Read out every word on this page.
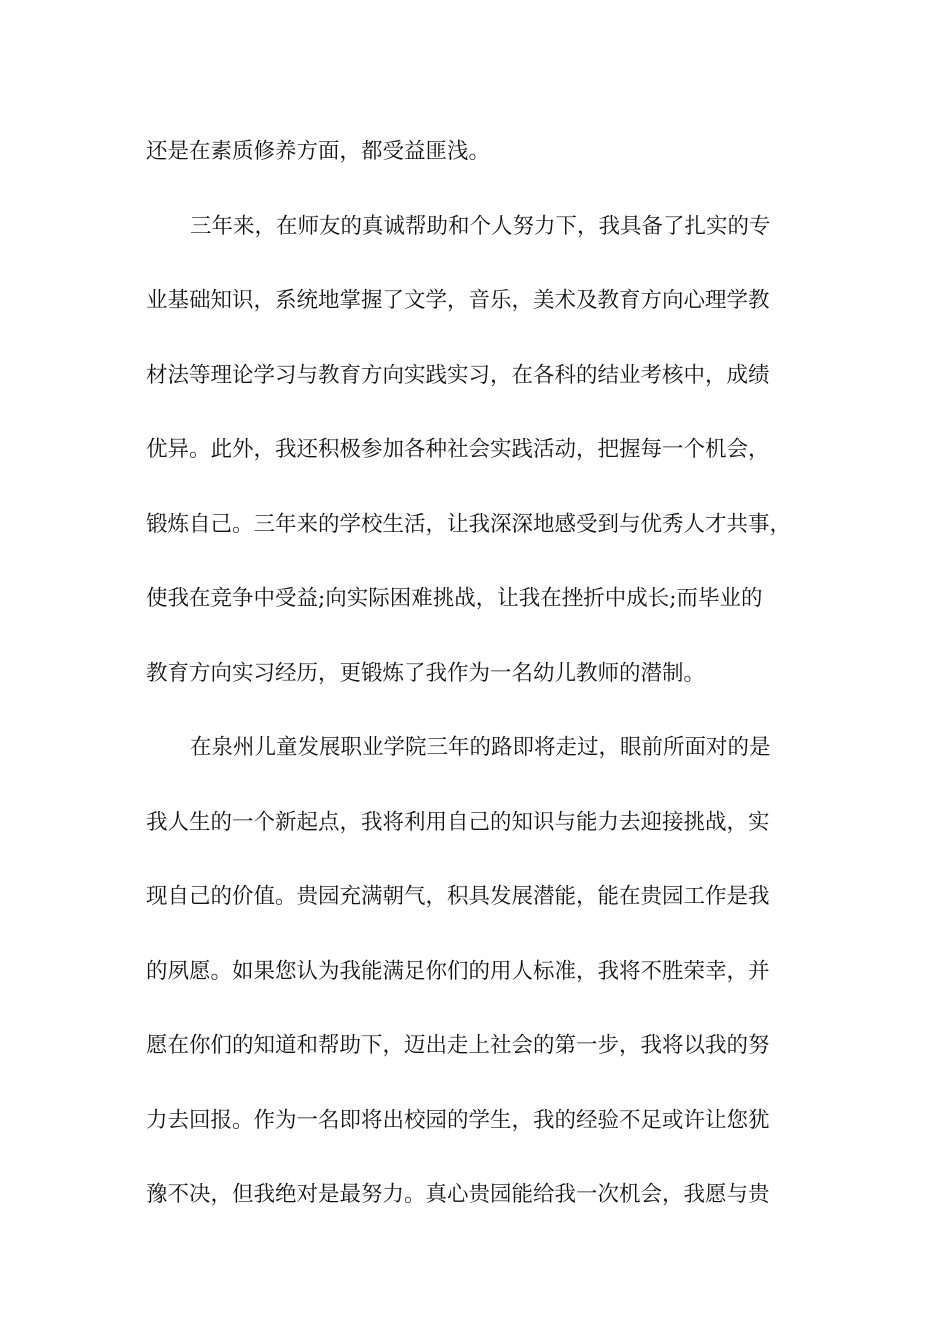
还是在素质修养方面，都受益匪浅。
三年来，在师友的真诚帮助和个人努力下，我具备了扎实的专
业基础知识，系统地掌握了文学，音乐，美术及教育方向心理学教
材法等理论学习与教育方向实践实习，在各科的结业考核中，成绩
优异。此外，我还积极参加各种社会实践活动，把握每一个机会，
锻炼自己。三年来的学校生活，让我深深地感受到与优秀人才共事，
使我在竞争中受益;向实际困难挑战，让我在挫折中成长;而毕业的
教育方向实习经历，更锻炼了我作为一名幼儿教师的潜制。
在泉州儿童发展职业学院三年的路即将走过，眼前所面对的是
我人生的一个新起点，我将利用自己的知识与能力去迎接挑战，实
现自己的价值。贵园充满朝气，积具发展潜能，能在贵园工作是我
的夙愿。如果您认为我能满足你们的用人标准，我将不胜荣幸，并
愿在你们的知道和帮助下，迈出走上社会的第一步，我将以我的努
力去回报。作为一名即将出校园的学生，我的经验不足或许让您犹
豫不决，但我绝对是最努力。真心贵园能给我一次机会，我愿与贵
